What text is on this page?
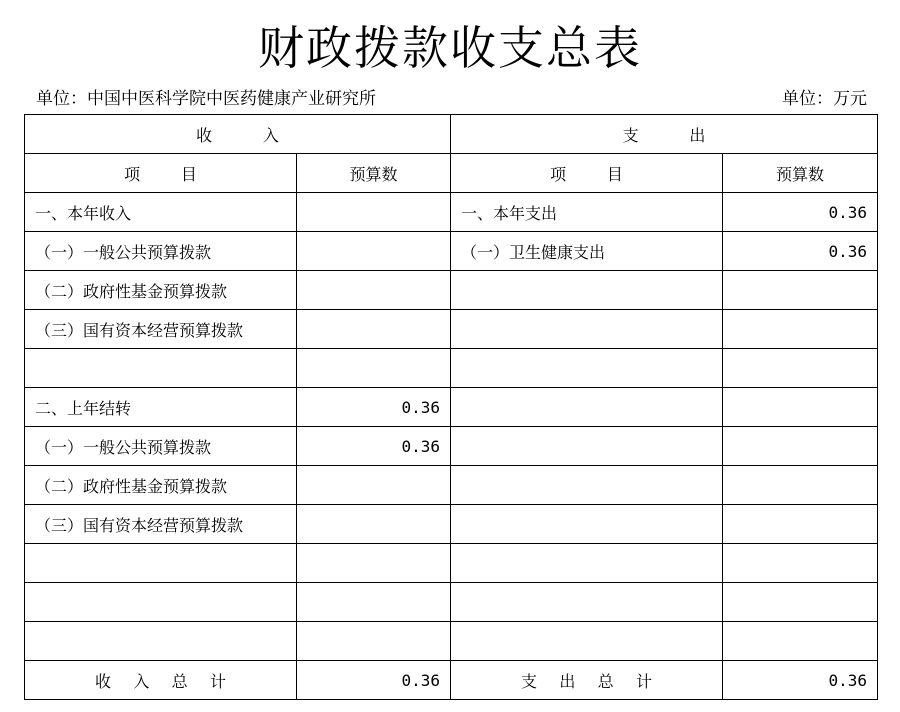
财政拨款收支总表
单位：中国中医科学院中医药健康产业研究所	单位：万元
收          入		支          出	
项        目	预算数	项        目	预算数
一、本年收入		一、本年支出	0.36
（一）一般公共预算拨款		（一）卫生健康支出	0.36
（二）政府性基金预算拨款			
（三）国有资本经营预算拨款			

二、上年结转	0.36		
（一）一般公共预算拨款	0.36		
（二）政府性基金预算拨款			
（三）国有资本经营预算拨款			

收 入 总 计	0.36	支 出 总 计	0.36
